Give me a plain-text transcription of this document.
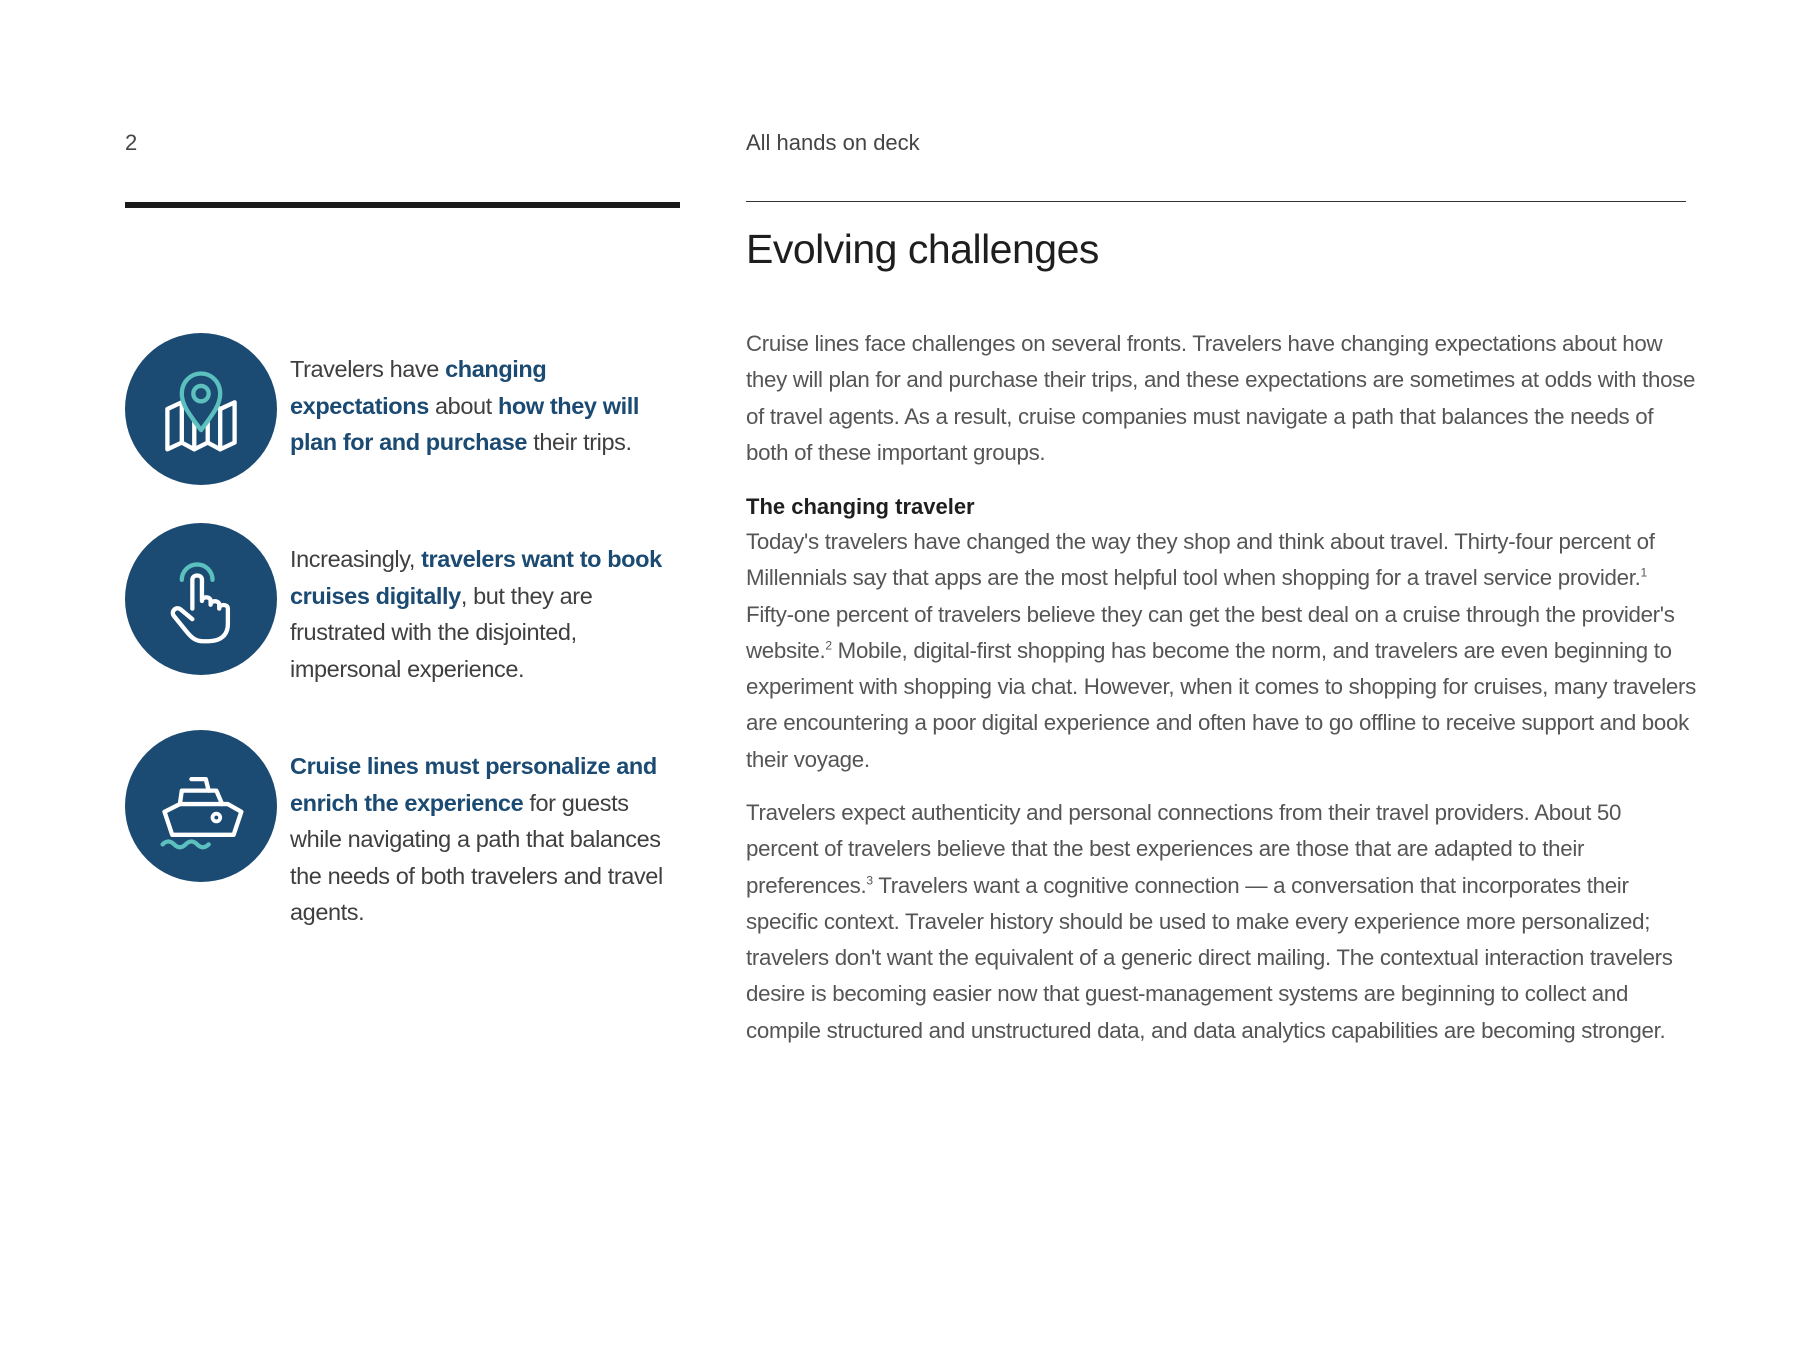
2	All hands on deck
Evolving challenges
Travelers have changing expectations about how they will plan for and purchase their trips.
Increasingly, travelers want to book cruises digitally, but they are frustrated with the disjointed, impersonal experience.
Cruise lines must personalize and enrich the experience for guests while navigating a path that balances the needs of both travelers and travel agents.

Cruise lines face challenges on several fronts. Travelers have changing expectations about how they will plan for and purchase their trips, and these expectations are sometimes at odds with those of travel agents. As a result, cruise companies must navigate a path that balances the needs of both of these important groups.

The changing traveler

Today's travelers have changed the way they shop and think about travel. Thirty-four percent of Millennials say that apps are the most helpful tool when shopping for a travel service provider.$^1$ Fifty-one percent of travelers believe they can get the best deal on a cruise through the provider's website.$^2$ Mobile, digital-first shopping has become the norm, and travelers are even beginning to experiment with shopping via chat. However, when it comes to shopping for cruises, many travelers are encountering a poor digital experience and often have to go offline to receive support and book their voyage.

Travelers expect authenticity and personal connections from their travel providers. About 50 percent of travelers believe that the best experiences are those that are adapted to their preferences.$^3$ Travelers want a cognitive connection — a conversation that incorporates their specific context. Traveler history should be used to make every experience more personalized; travelers don't want the equivalent of a generic direct mailing. The contextual interaction travelers desire is becoming easier now that guest-management systems are beginning to collect and compile structured and unstructured data, and data analytics capabilities are becoming stronger.
